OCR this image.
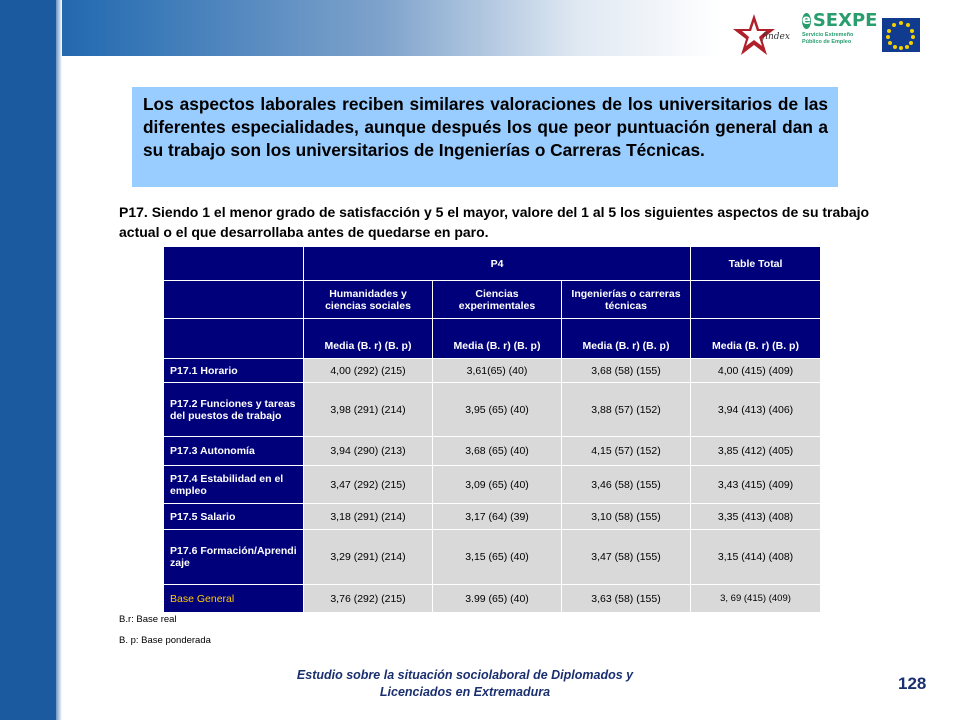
findex
e SEXPE
Servicio Extremeño Público de Empleo
Los aspectos laborales reciben similares valoraciones de los universitarios de las diferentes especialidades, aunque después los que peor puntuación general dan a su trabajo son los universitarios de Ingenierías o Carreras Técnicas.
P17. Siendo 1 el menor grado de satisfacción y 5 el mayor, valore del 1 al 5 los siguientes aspectos de su trabajo actual o el que desarrollaba antes de quedarse en paro.
	P4			Table Total
	Humanidades y ciencias sociales	Ciencias experimentales	Ingenierías o carreras técnicas	
	Media (B. r) (B. p)	Media (B. r) (B. p)	Media (B. r) (B. p)	Media (B. r) (B. p)
P17.1 Horario	4,00 (292) (215)	3,61(65) (40)	3,68 (58) (155)	4,00 (415) (409)
P17.2 Funciones y tareas del puestos de trabajo	3,98 (291) (214)	3,95 (65) (40)	3,88 (57) (152)	3,94 (413) (406)
P17.3 Autonomía	3,94 (290) (213)	3,68 (65) (40)	4,15 (57) (152)	3,85 (412) (405)
P17.4 Estabilidad en el empleo	3,47 (292) (215)	3,09 (65) (40)	3,46 (58) (155)	3,43 (415) (409)
P17.5 Salario	3,18 (291) (214)	3,17 (64) (39)	3,10 (58) (155)	3,35 (413) (408)
P17.6 Formación/Aprendizaje	3,29 (291) (214)	3,15 (65) (40)	3,47 (58) (155)	3,15 (414) (408)
Base General	3,76 (292) (215)	3.99 (65) (40)	3,63 (58) (155)	3, 69 (415) (409)
B.r: Base real
B. p: Base ponderada
Estudio sobre la situación sociolaboral de Diplomados y
Licenciados en Extremadura	128
